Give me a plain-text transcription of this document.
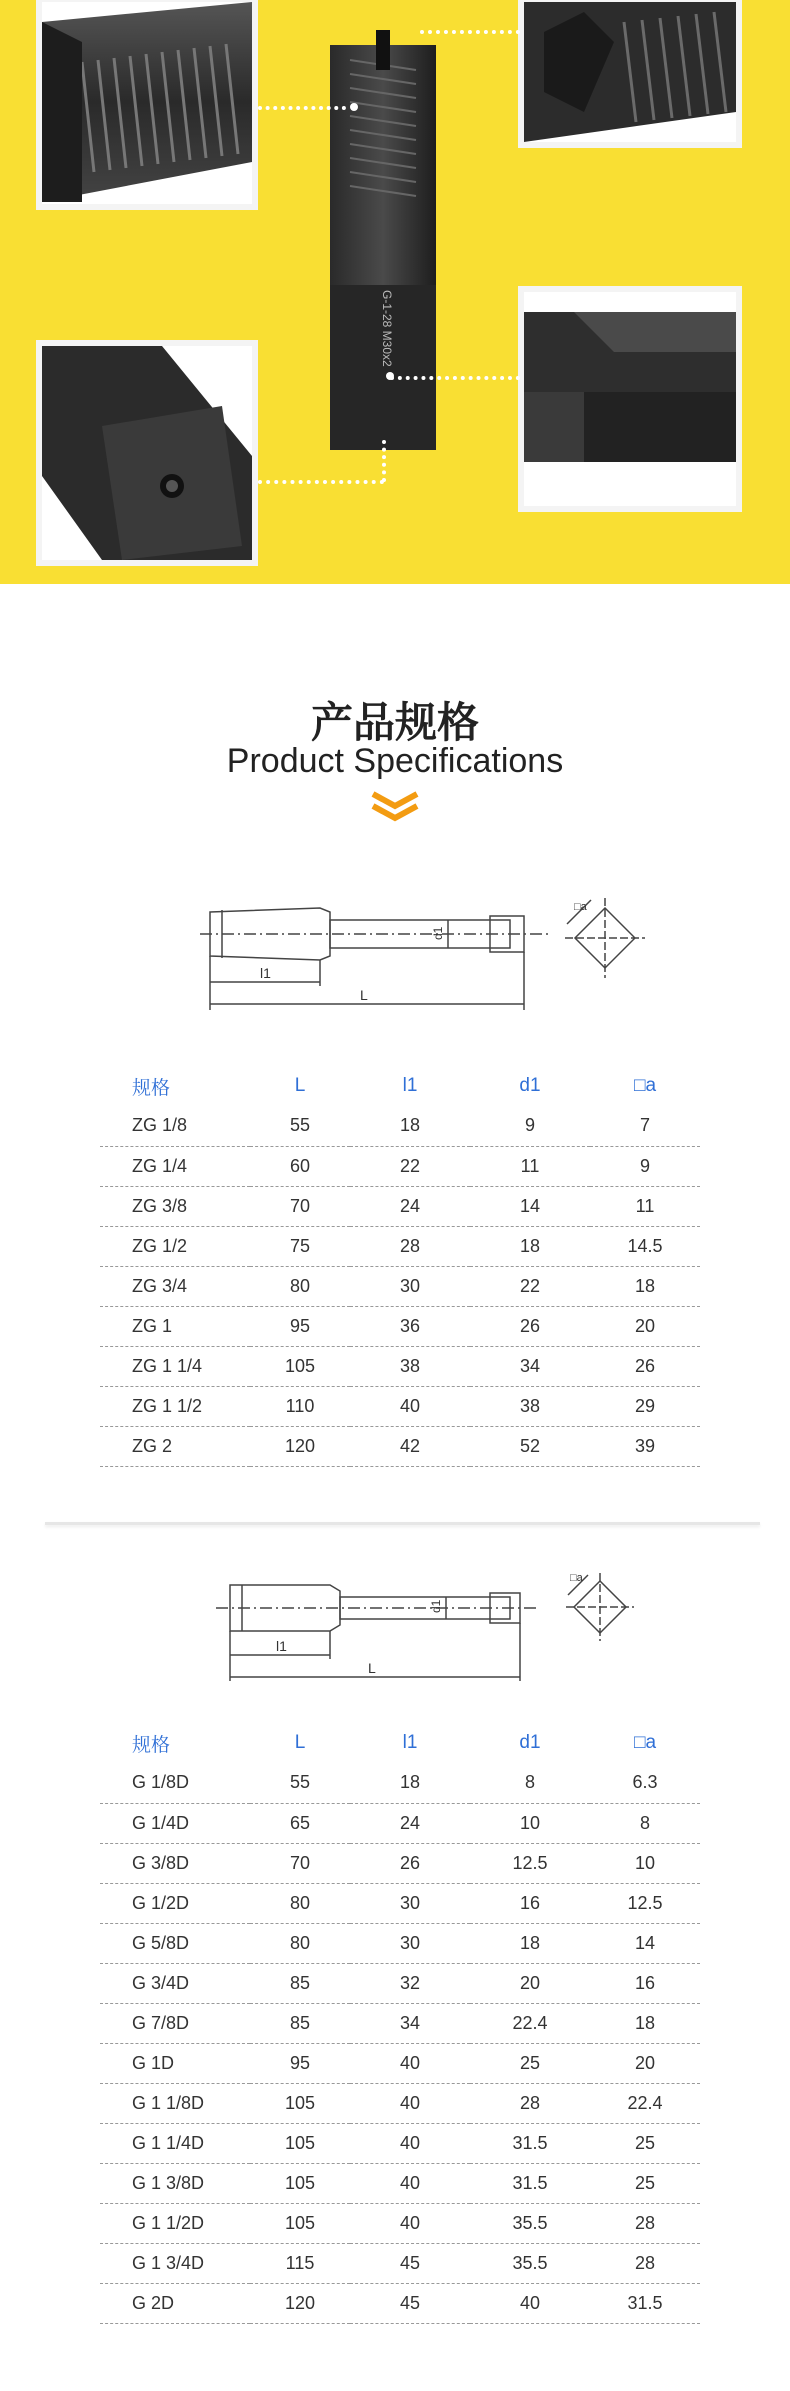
G-1-28 M30x2
产品规格
Product Specifications
l1
L
d1
□a
规格	L	l1	d1	□a
ZG 1/8	55	18	9	7
ZG 1/4	60	22	11	9
ZG 3/8	70	24	14	11
ZG 1/2	75	28	18	14.5
ZG 3/4	80	30	22	18
ZG 1	95	36	26	20
ZG 1 1/4	105	38	34	26
ZG 1 1/2	110	40	38	29
ZG 2	120	42	52	39
l1
L
d1
□a
规格	L	l1	d1	□a
G 1/8D	55	18	8	6.3
G 1/4D	65	24	10	8
G 3/8D	70	26	12.5	10
G 1/2D	80	30	16	12.5
G 5/8D	80	30	18	14
G 3/4D	85	32	20	16
G 7/8D	85	34	22.4	18
G 1D	95	40	25	20
G 1 1/8D	105	40	28	22.4
G 1 1/4D	105	40	31.5	25
G 1 3/8D	105	40	31.5	25
G 1 1/2D	105	40	35.5	28
G 1 3/4D	115	45	35.5	28
G 2D	120	45	40	31.5
